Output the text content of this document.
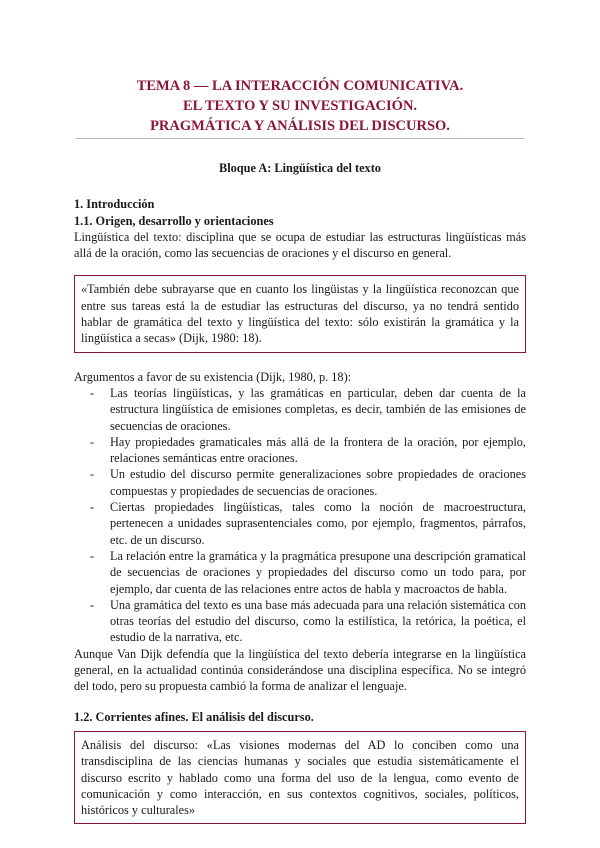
TEMA 8 — LA INTERACCIÓN COMUNICATIVA.
EL TEXTO Y SU INVESTIGACIÓN.
PRAGMÁTICA Y ANÁLISIS DEL DISCURSO.
Bloque A: Lingüística del texto
1. Introducción
1.1. Origen, desarrollo y orientaciones

Lingüística del texto: disciplina que se ocupa de estudiar las estructuras lingüísticas más allá de la oración, como las secuencias de oraciones y el discurso en general.

«También debe subrayarse que en cuanto los lingüistas y la lingüística reconozcan que entre sus tareas está la de estudiar las estructuras del discurso, ya no tendrá sentido hablar de gramática del texto y lingüística del texto: sólo existirán la gramática y la lingüística a secas» (Dijk, 1980: 18).

Argumentos a favor de su existencia (Dijk, 1980, p. 18):

- Las teorías lingüísticas, y las gramáticas en particular, deben dar cuenta de la estructura lingüística de emisiones completas, es decir, también de las emisiones de secuencias de oraciones.
- Hay propiedades gramaticales más allá de la frontera de la oración, por ejemplo, relaciones semánticas entre oraciones.
- Un estudio del discurso permite generalizaciones sobre propiedades de oraciones compuestas y propiedades de secuencias de oraciones.
- Ciertas propiedades lingüísticas, tales como la noción de macroestructura, pertenecen a unidades suprasentenciales como, por ejemplo, fragmentos, párrafos, etc. de un discurso.
- La relación entre la gramática y la pragmática presupone una descripción gramatical de secuencias de oraciones y propiedades del discurso como un todo para, por ejemplo, dar cuenta de las relaciones entre actos de habla y macroactos de habla.
- Una gramática del texto es una base más adecuada para una relación sistemática con otras teorías del estudio del discurso, como la estilística, la retórica, la poética, el estudio de la narrativa, etc.

Aunque Van Dijk defendía que la lingüística del texto debería integrarse en la lingüística general, en la actualidad continúa considerándose una disciplina específica. No se integró del todo, pero su propuesta cambió la forma de analizar el lenguaje.

1.2. Corrientes afines. El análisis del discurso.
Análisis del discurso: «Las visiones modernas del AD lo conciben como una transdisciplina de las ciencias humanas y sociales que estudia sistemáticamente el discurso escrito y hablado como una forma del uso de la lengua, como evento de comunicación y como interacción, en sus contextos cognitivos, sociales, políticos, históricos y culturales»
